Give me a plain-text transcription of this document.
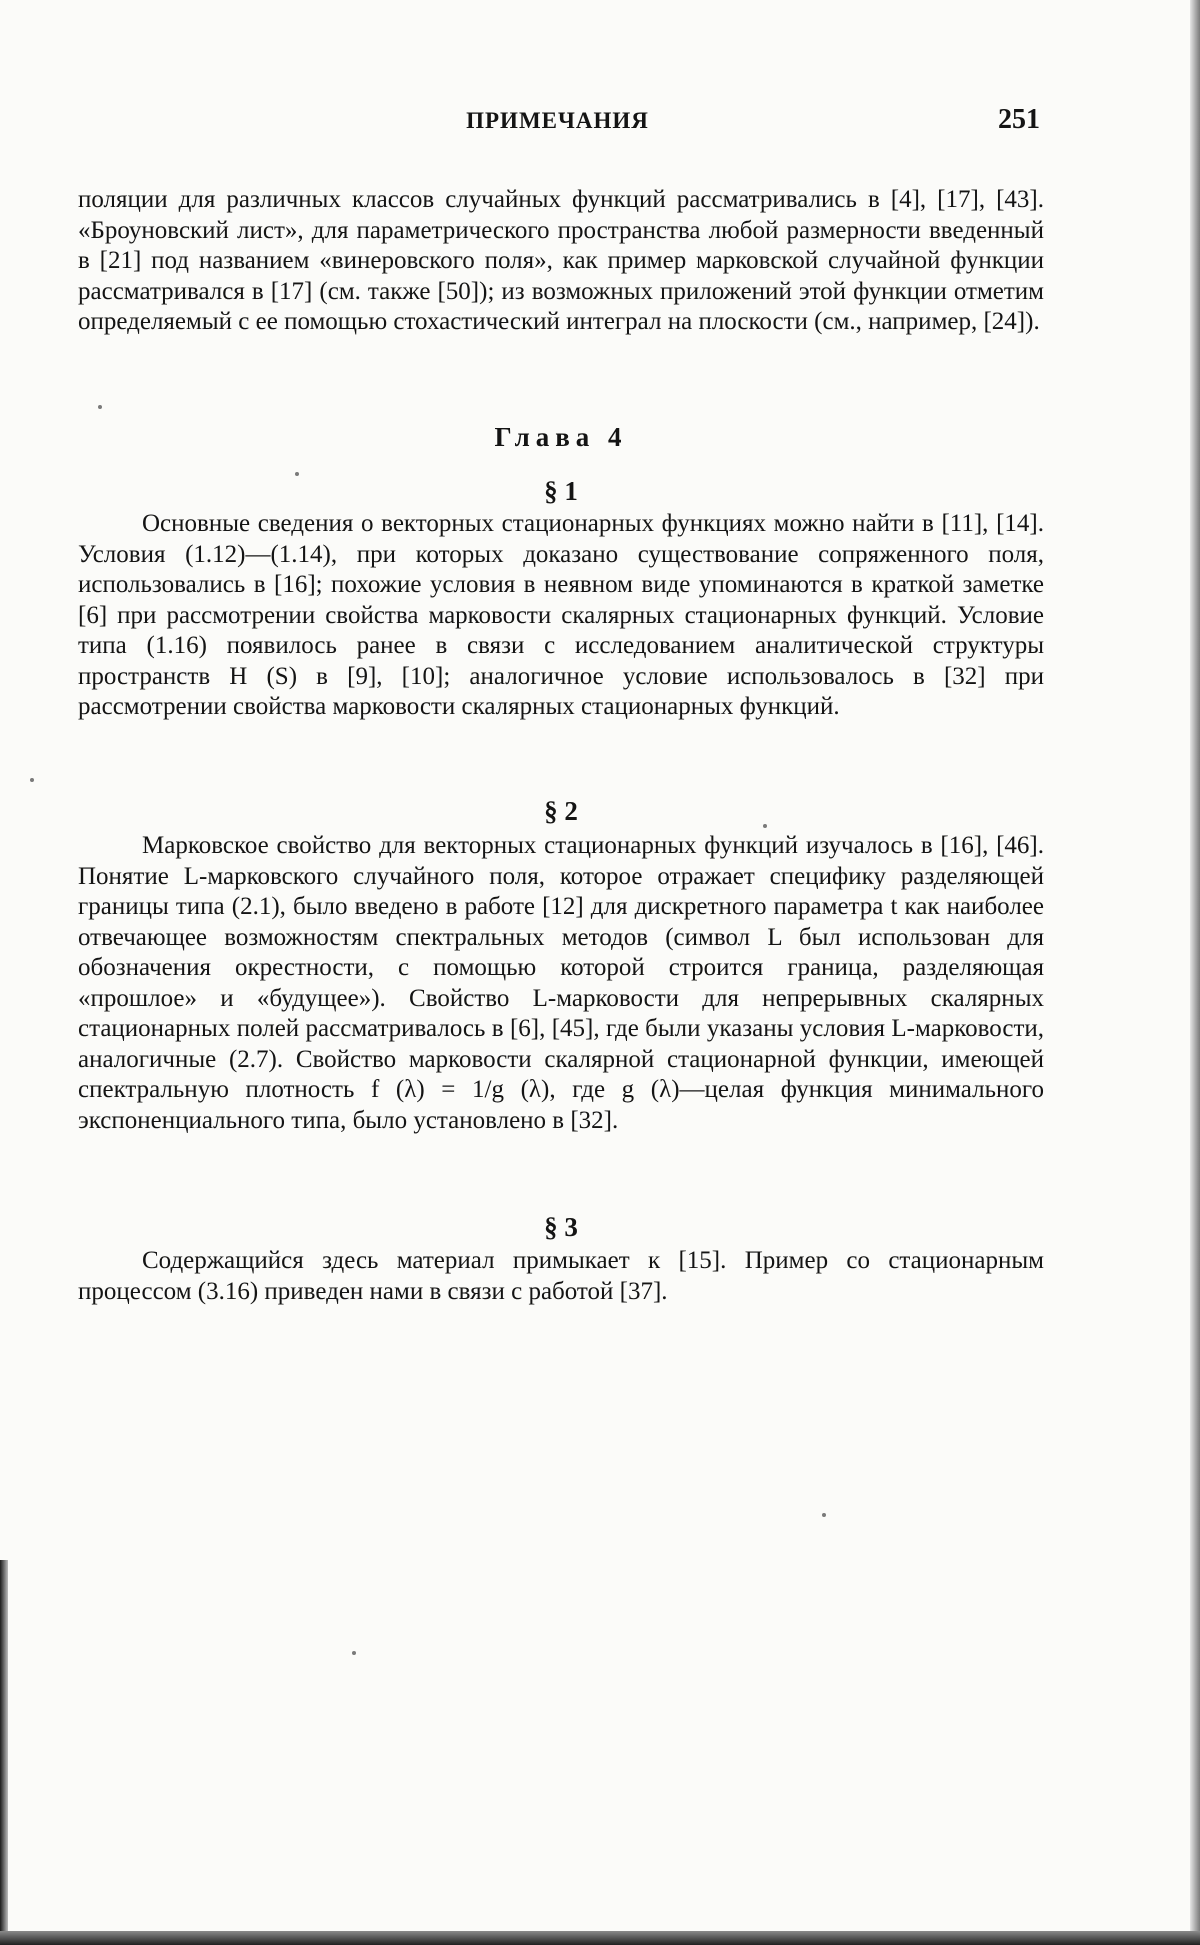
ПРИМЕЧАНИЯ	251

поляции для различных классов случайных функций рассматривались в [4], [17], [43]. «Броуновский лист», для параметрического пространства любой размерности введенный в [21] под названием «винеровского поля», как пример марковской случайной функции рассматривался в [17] (см. также [50]); из возможных приложений этой функции отметим определяемый с ее помощью стохастический интеграл на плоскости (см., например, [24]).

Глава 4

§ 1

Основные сведения о векторных стационарных функциях можно найти в [11], [14]. Условия (1.12)—(1.14), при которых доказано существование сопряженного поля, использовались в [16]; похожие условия в неявном виде упоминаются в краткой заметке [6] при рассмотрении свойства марковости скалярных стационарных функций. Условие типа (1.16) появилось ранее в связи с исследованием аналитической структуры пространств H (S) в [9], [10]; аналогичное условие использовалось в [32] при рассмотрении свойства марковости скалярных стационарных функций.

§ 2

Марковское свойство для векторных стационарных функций изучалось в [16], [46]. Понятие L-марковского случайного поля, которое отражает специфику разделяющей границы типа (2.1), было введено в работе [12] для дискретного параметра t как наиболее отвечающее возможностям спектральных методов (символ L был использован для обозначения окрестности, с помощью которой строится граница, разделяющая «прошлое» и «будущее»). Свойство L-марковости для непрерывных скалярных стационарных полей рассматривалось в [6], [45], где были указаны условия L-марковости, аналогичные (2.7). Свойство марковости скалярной стационарной функции, имеющей спектральную плотность f (λ) = 1/g (λ), где g (λ)—целая функция минимального экспоненциального типа, было установлено в [32].

§ 3

Содержащийся здесь материал примыкает к [15]. Пример со стационарным процессом (3.16) приведен нами в связи с работой [37].
